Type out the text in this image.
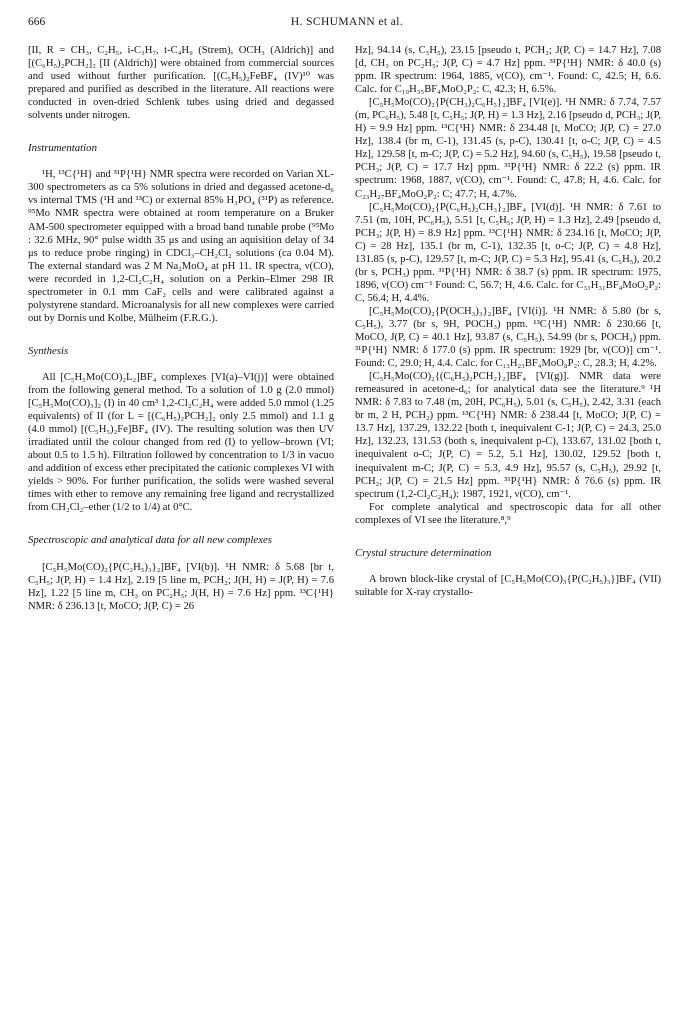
666	H. SCHUMANN et al.

[II, R = CH₃, C₂H₅, i-C₃H₇, t-C₄H₉ (Strem), OCH₃ (Aldrich)] and [(C₆H₅)₂PCH₂]₂ [II (Aldrich)] were obtained from commercial sources and used without further purification. [(C₅H₅)₂FeBF₄ (IV)¹⁰ was prepared and purified as described in the literature. All reactions were conducted in oven-dried Schlenk tubes using dried and degassed solvents under nitrogen.

Instrumentation

¹H, ¹³C{¹H} and ³¹P{¹H} NMR spectra were recorded on Varian XL-300 spectrometers as ca 5% solutions in dried and degassed acetone-d₆ vs internal TMS (¹H and ¹³C) or external 85% H₃PO₄ (³¹P) as reference. ⁹⁵Mo NMR spectra were obtained at room temperature on a Bruker AM-500 spectrometer equipped with a broad band tunable probe (⁹⁵Mo : 32.6 MHz, 90° pulse width 35 μs and using an aquisition delay of 34 μs to reduce probe ringing) in CDCl₃–CH₂Cl₂ solutions (ca 0.04 M). The external standard was 2 M Na₂MoO₄ at pH 11. IR spectra, ν(CO), were recorded in 1,2-Cl₂C₂H₄ solution on a Perkin–Elmer 298 IR spectrometer in 0.1 mm CaF₂ cells and were calibrated against a polystyrene standard. Microanalysis for all new complexes were carried out by Dornis und Kolbe, Mülheim (F.R.G.).

Synthesis

All [C₅H₅Mo(CO)₂L₂]BF₄ complexes [VI(a)–VI(j)] were obtained from the following general method. To a solution of 1.0 g (2.0 mmol) [C₅H₅Mo(CO)₃]₂ (I) in 40 cm³ 1,2-Cl₂C₂H₄ were added 5.0 mmol (1.25 equivalents) of II (for L = [(C₆H₅)₂PCH₂]₂ only 2.5 mmol) and 1.1 g (4.0 mmol) [(C₅H₅)₂Fe]BF₄ (IV). The resulting solution was then UV irradiated until the colour changed from red (I) to yellow–brown (VI; about 0.5 to 1.5 h). Filtration followed by concentration to 1/3 in vacuo and addition of excess ether precipitated the cationic complexes VI with yields > 90%. For further purification, the solids were washed several times with ether to remove any remaining free ligand and recrystallized from CH₂Cl₂–ether (1/2 to 1/4) at 0°C.

Spectroscopic and analytical data for all new complexes

[C₅H₅Mo(CO)₂{P(C₂H₅)₃}₂]BF₄ [VI(b)]. ¹H NMR: δ 5.68 [br t, C₅H₅; J(P, H) = 1.4 Hz], 2.19 [5 line m, PCH₂; J(H, H) = J(P, H) = 7.6 Hz], 1.22 [5 line m, CH₃ on PC₂H₅; J(H, H) = 7.6 Hz] ppm. ¹³C{¹H} NMR: δ 236.13 [t, MoCO; J(P, C) = 26

Hz], 94.14 (s, C₅H₅), 23.15 [pseudo t, PCH₂; J(P, C) = 14.7 Hz], 7.08 [d, CH₃ on PC₂H₅; J(P, C) = 4.7 Hz] ppm. ³¹P{¹H} NMR: δ 40.0 (s) ppm. IR spectrum: 1964, 1885, ν(CO), cm⁻¹. Found: C, 42.5; H, 6.6. Calc. for C₁₉H₃₅BF₄MoO₂P₂: C, 42.3; H, 6.5%.

[C₅H₅Mo(CO)₂{P(CH₃)₂C₆H₅}₂]BF₄ [VI(e)]. ¹H NMR: δ 7.74, 7.57 (m, PC₆H₅), 5.48 [t, C₅H₅; J(P, H) = 1.3 Hz], 2.16 [pseudo d, PCH₃; J(P, H) = 9.9 Hz] ppm. ¹³C{¹H} NMR: δ 234.48 [t, MoCO; J(P, C) = 27.0 Hz], 138.4 (br m, C-1), 131.45 (s, p-C), 130.41 [t, o-C; J(P, C) = 4.5 Hz], 129.58 [t, m-C; J(P, C) = 5.2 Hz], 94.60 (s, C₅H₅), 19.58 [pseudo t, PCH₃; J(P, C) = 17.7 Hz] ppm. ³¹P{¹H} NMR: δ 22.2 (s) ppm. IR spectrum: 1968, 1887, ν(CO), cm⁻¹. Found: C, 47.8; H, 4.6. Calc. for C₂₃H₂₇BF₄MoO₂P₂: C; 47.7; H, 4.7%.

[C₅H₅Mo(CO)₂{P(C₆H₅)₂CH₃}₂]BF₄ [VI(d)]. ¹H NMR: δ 7.61 to 7.51 (m, 10H, PC₆H₅), 5.51 [t, C₅H₅; J(P, H) = 1.3 Hz], 2.49 [pseudo d, PCH₃; J(P, H) = 8.9 Hz] ppm. ¹³C{¹H} NMR: δ 234.16 [t, MoCO; J(P, C) = 28 Hz], 135.1 (br m, C-1), 132.35 [t, o-C; J(P, C) = 4.8 Hz], 131.85 (s, p-C), 129.57 [t, m-C; J(P, C) = 5.3 Hz], 95.41 (s, C₅H₅), 20.2 (br s, PCH₃) ppm. ³¹P{¹H} NMR: δ 38.7 (s) ppm. IR spectrum: 1975, 1896, ν(CO) cm⁻¹ Found: C, 56.7; H, 4.6. Calc. for C₃₃H₃₁BF₄MoO₂P₂: C, 56.4; H, 4.4%.

[C₅H₅Mo(CO)₂{P(OCH₃)₃}₂]BF₄ [VI(i)]. ¹H NMR: δ 5.80 (br s, C₅H₅), 3.77 (br s, 9H, POCH₃) ppm. ¹³C{¹H} NMR: δ 230.66 [t, MoCO, J(P, C) = 40.1 Hz], 93.87 (s, C₅H₅), 54.99 (br s, POCH₃) ppm. ³¹P{¹H} NMR: δ 177.0 (s) ppm. IR spectrum: 1929 [br, ν(CO)] cm⁻¹. Found: C, 29.0; H, 4.4. Calc. for C₁₃H₂₃BF₄MoO₈P₂: C, 28.3; H, 4.2%.

[C₅H₅Mo(CO)₂{(C₆H₅)₂PCH₂}₂]BF₄ [VI(g)]. NMR data were remeasured in acetone-d₆; for analytical data see the literature.⁹ ¹H NMR: δ 7.83 to 7.48 (m, 20H, PC₆H₅), 5.01 (s, C₅H₅), 2.42, 3.31 (each br m, 2 H, PCH₂) ppm. ¹³C{¹H} NMR: δ 238.44 [t, MoCO; J(P, C) = 13.7 Hz], 137.29, 132.22 [both t, inequivalent C-1; J(P, C) = 24.3, 25.0 Hz], 132.23, 131.53 (both s, inequivalent p-C), 133.67, 131.02 [both t, inequivalent o-C; J(P, C) = 5.2, 5.1 Hz], 130.02, 129.52 [both t, inequivalent m-C; J(P, C) = 5.3, 4.9 Hz], 95.57 (s, C₅H₅), 29.92 [t, PCH₂; J(P, C) = 21.5 Hz] ppm. ³¹P{¹H} NMR: δ 76.6 (s) ppm. IR spectrum (1,2-Cl₂C₂H₄): 1987, 1921, ν(CO), cm⁻¹.

For complete analytical and spectroscopic data for all other complexes of VI see the literature.⁸,⁹

Crystal structure determination

A brown block-like crystal of [C₅H₅Mo(CO)₃{P(C₂H₅)₃}]BF₄ (VII) suitable for X-ray crystallo-
